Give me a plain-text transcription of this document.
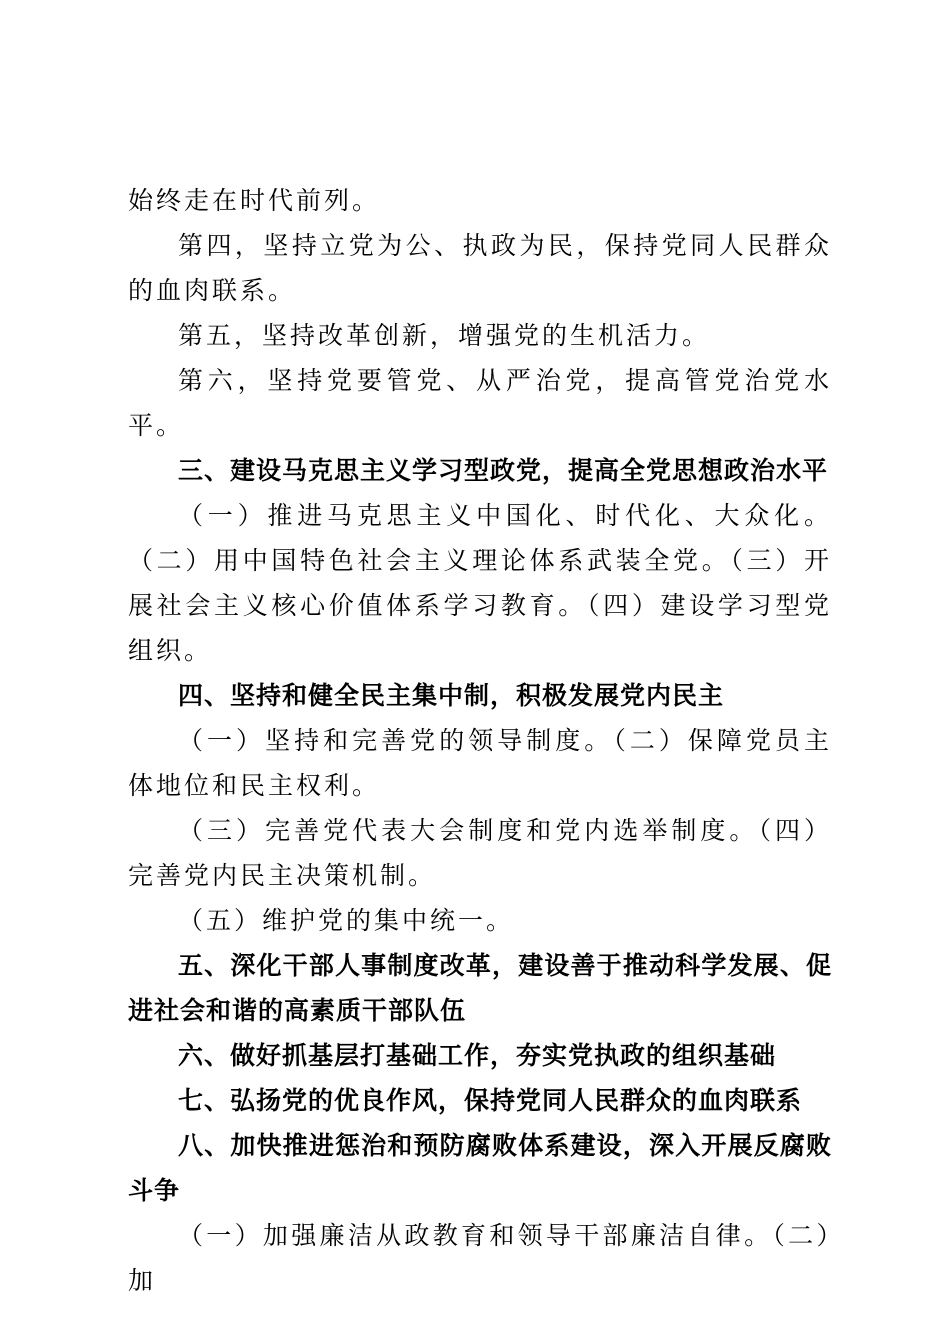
始终走在时代前列。

第四，坚持立党为公、执政为民，保持党同人民群众的血肉联系。

第五，坚持改革创新，增强党的生机活力。

第六，坚持党要管党、从严治党，提高管党治党水平。

三、建设马克思主义学习型政党，提高全党思想政治水平

（一）推进马克思主义中国化、时代化、大众化。（二）用中国特色社会主义理论体系武装全党。（三）开展社会主义核心价值体系学习教育。（四）建设学习型党组织。

四、坚持和健全民主集中制，积极发展党内民主

（一）坚持和完善党的领导制度。（二）保障党员主体地位和民主权利。

（三）完善党代表大会制度和党内选举制度。（四）完善党内民主决策机制。

（五）维护党的集中统一。

五、深化干部人事制度改革，建设善于推动科学发展、促进社会和谐的高素质干部队伍

六、做好抓基层打基础工作，夯实党执政的组织基础

七、弘扬党的优良作风，保持党同人民群众的血肉联系

八、加快推进惩治和预防腐败体系建设，深入开展反腐败斗争

（一）加强廉洁从政教育和领导干部廉洁自律。（二）加
